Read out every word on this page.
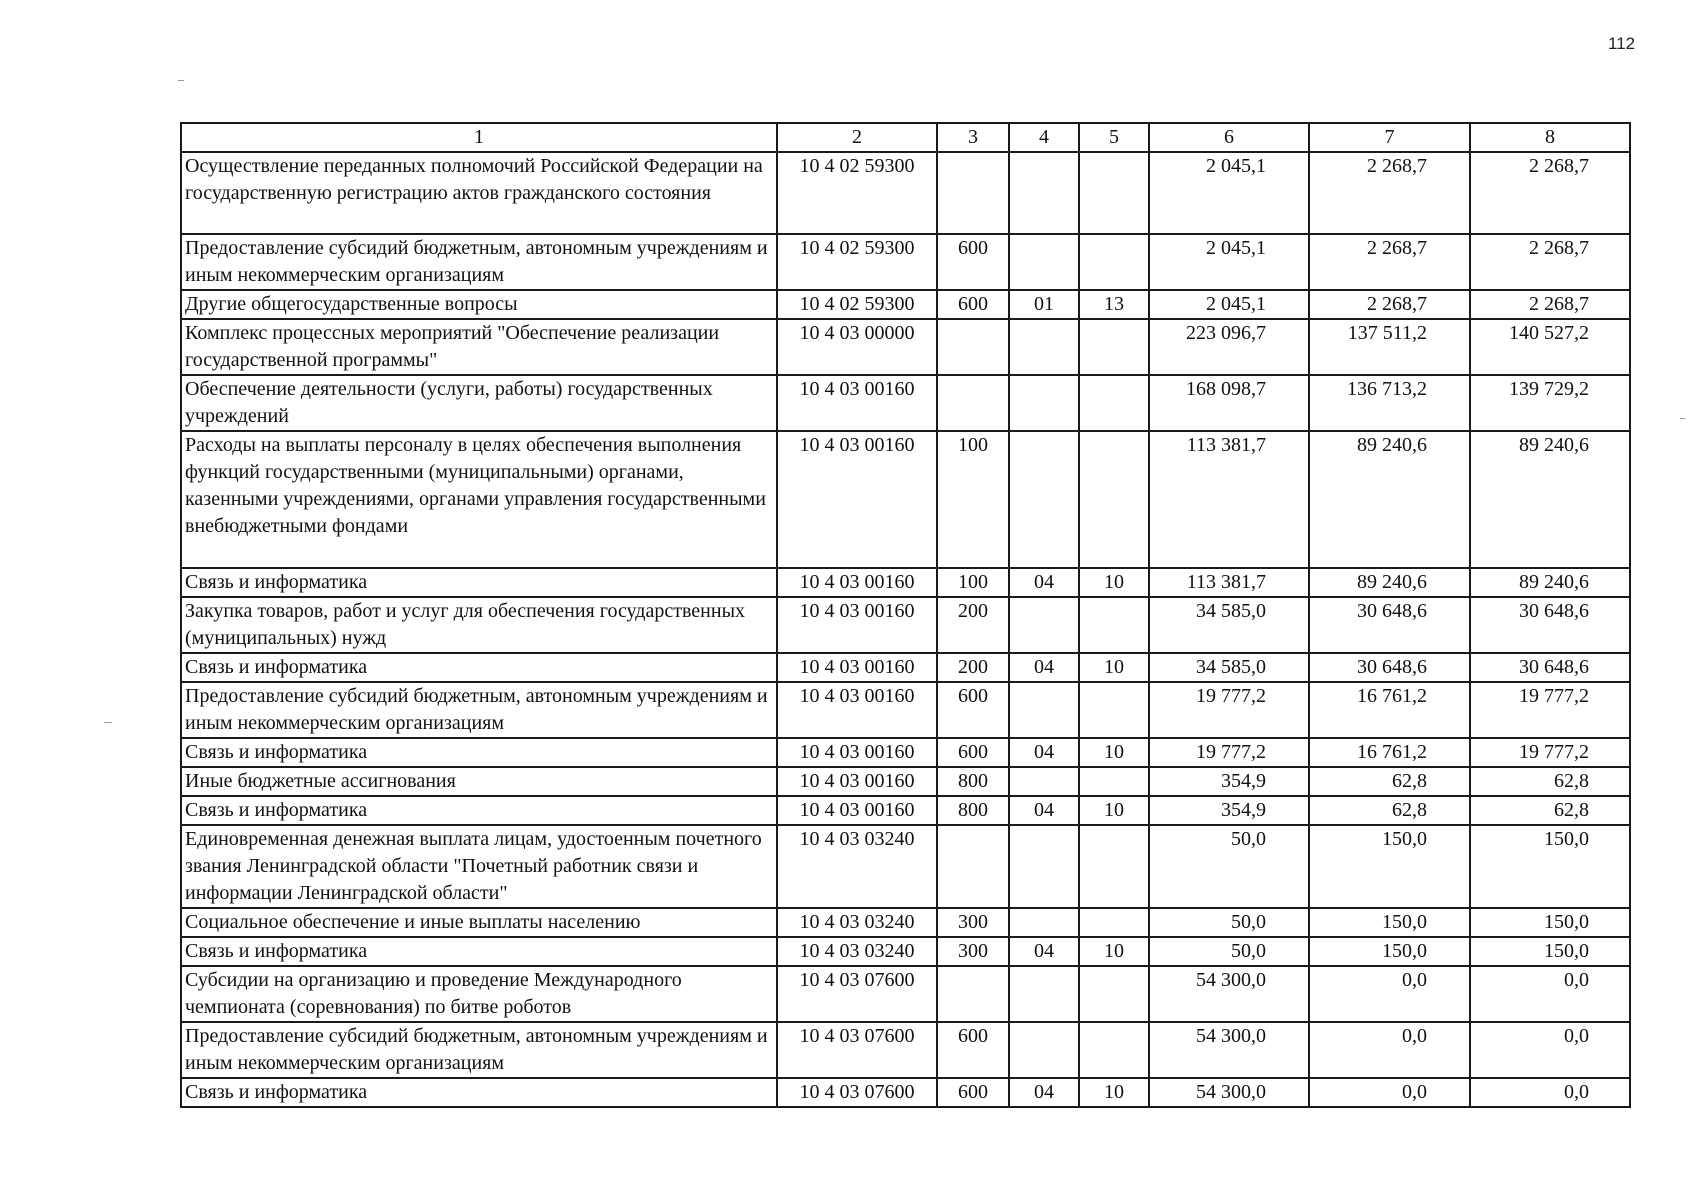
112
1	2	3	4	5	6	7	8
Осуществление переданных полномочий Российской Федерации на государственную регистрацию актов гражданского состояния	10 4 02 59300				2 045,1	2 268,7	2 268,7
Предоставление субсидий бюджетным, автономным учреждениям и иным некоммерческим организациям	10 4 02 59300	600			2 045,1	2 268,7	2 268,7
Другие общегосударственные вопросы	10 4 02 59300	600	01	13	2 045,1	2 268,7	2 268,7
Комплекс процессных мероприятий "Обеспечение реализации государственной программы"	10 4 03 00000				223 096,7	137 511,2	140 527,2
Обеспечение деятельности (услуги, работы) государственных учреждений	10 4 03 00160				168 098,7	136 713,2	139 729,2
Расходы на выплаты персоналу в целях обеспечения выполнения функций государственными (муниципальными) органами, казенными учреждениями, органами управления государственными внебюджетными фондами	10 4 03 00160	100			113 381,7	89 240,6	89 240,6
Связь и информатика	10 4 03 00160	100	04	10	113 381,7	89 240,6	89 240,6
Закупка товаров, работ и услуг для обеспечения государственных (муниципальных) нужд	10 4 03 00160	200			34 585,0	30 648,6	30 648,6
Связь и информатика	10 4 03 00160	200	04	10	34 585,0	30 648,6	30 648,6
Предоставление субсидий бюджетным, автономным учреждениям и иным некоммерческим организациям	10 4 03 00160	600			19 777,2	16 761,2	19 777,2
Связь и информатика	10 4 03 00160	600	04	10	19 777,2	16 761,2	19 777,2
Иные бюджетные ассигнования	10 4 03 00160	800			354,9	62,8	62,8
Связь и информатика	10 4 03 00160	800	04	10	354,9	62,8	62,8
Единовременная денежная выплата лицам, удостоенным почетного звания Ленинградской области "Почетный работник связи и информации Ленинградской области"	10 4 03 03240				50,0	150,0	150,0
Социальное обеспечение и иные выплаты населению	10 4 03 03240	300			50,0	150,0	150,0
Связь и информатика	10 4 03 03240	300	04	10	50,0	150,0	150,0
Субсидии на организацию и проведение Международного чемпионата (соревнования) по битве роботов	10 4 03 07600				54 300,0	0,0	0,0
Предоставление субсидий бюджетным, автономным учреждениям и иным некоммерческим организациям	10 4 03 07600	600			54 300,0	0,0	0,0
Связь и информатика	10 4 03 07600	600	04	10	54 300,0	0,0	0,0
